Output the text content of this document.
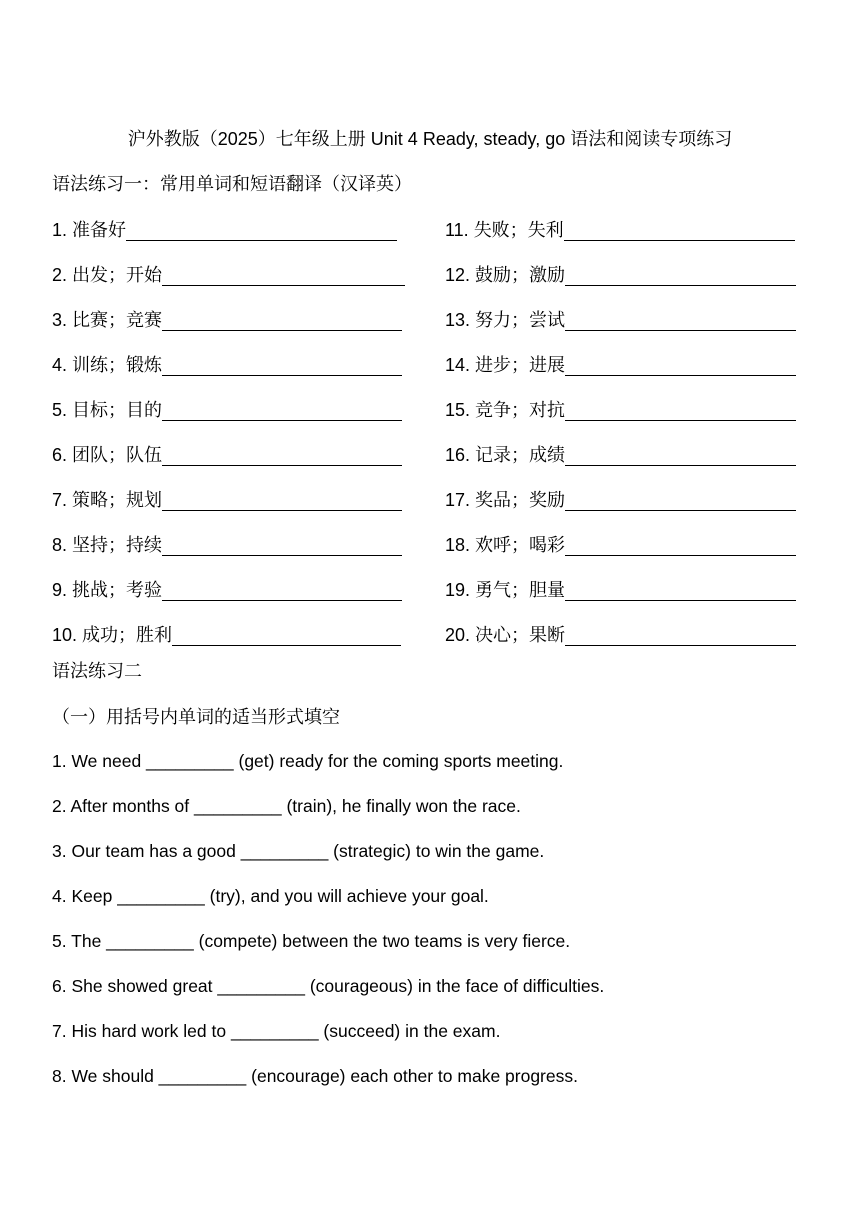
沪外教版（2025）七年级上册 Unit 4 Ready, steady, go 语法和阅读专项练习
语法练习一：常用单词和短语翻译（汉译英）
1. 准备好
2. 出发；开始
3. 比赛；竞赛
4. 训练；锻炼
5. 目标；目的
6. 团队；队伍
7. 策略；规划
8. 坚持；持续
9. 挑战；考验
10. 成功；胜利
11. 失败；失利
12. 鼓励；激励
13. 努力；尝试
14. 进步；进展
15. 竞争；对抗
16. 记录；成绩
17. 奖品；奖励
18. 欢呼；喝彩
19. 勇气；胆量
20. 决心；果断
语法练习二
（一）用括号内单词的适当形式填空
1. We need _________ (get) ready for the coming sports meeting.
2. After months of _________ (train), he finally won the race.
3. Our team has a good _________ (strategic) to win the game.
4. Keep _________ (try), and you will achieve your goal.
5. The _________ (compete) between the two teams is very fierce.
6. She showed great _________ (courageous) in the face of difficulties.
7. His hard work led to _________ (succeed) in the exam.
8. We should _________ (encourage) each other to make progress.
